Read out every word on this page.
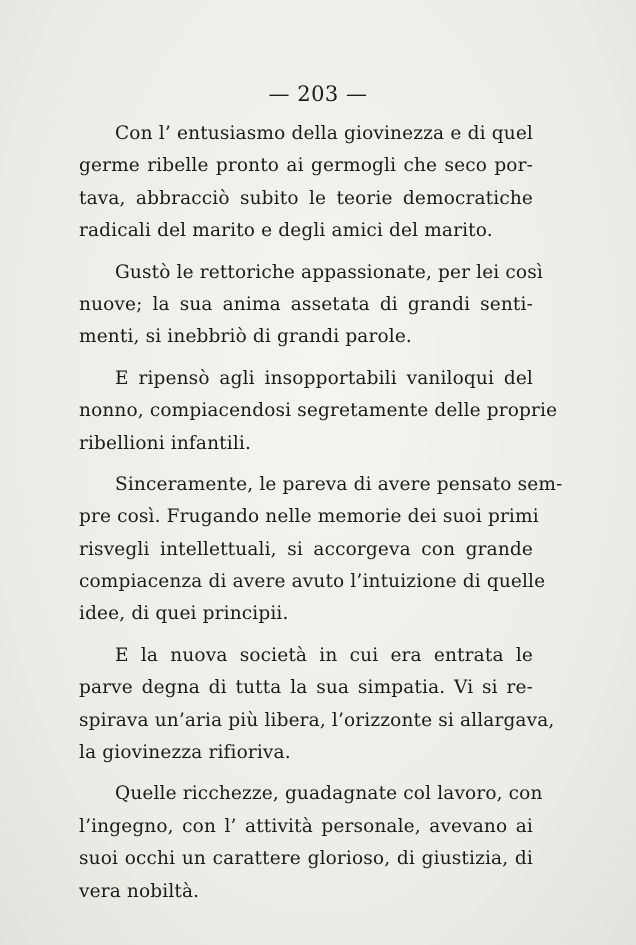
— 203 —
Con l’ entusiasmo della giovinezza e di quel
germe ribelle pronto ai germogli che seco por-
tava, abbracciò subito le teorie democratiche
radicali del marito e degli amici del marito.
Gustò le rettoriche appassionate, per lei così
nuove; la sua anima assetata di grandi senti-
menti, si inebbriò di grandi parole.
E ripensò agli insopportabili vaniloqui del
nonno, compiacendosi segretamente delle proprie
ribellioni infantili.
Sinceramente, le pareva di avere pensato sem-
pre così. Frugando nelle memorie dei suoi primi
risvegli intellettuali, si accorgeva con grande
compiacenza di avere avuto l’intuizione di quelle
idee, di quei principii.
E la nuova società in cui era entrata le
parve degna di tutta la sua simpatia. Vi si re-
spirava un’aria più libera, l’orizzonte si allargava,
la giovinezza rifioriva.
Quelle ricchezze, guadagnate col lavoro, con
l’ingegno, con l’ attività personale, avevano ai
suoi occhi un carattere glorioso, di giustizia, di
vera nobiltà.
